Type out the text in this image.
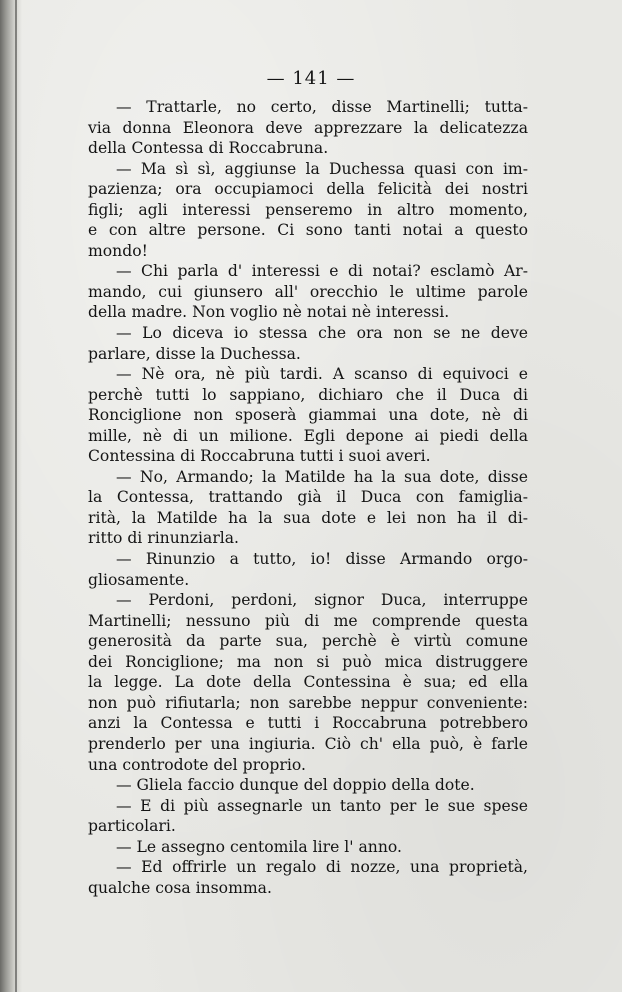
— 141 —
— Trattarle, no certo, disse Martinelli; tutta-
via donna Eleonora deve apprezzare la delicatezza
della Contessa di Roccabruna.
— Ma sì sì, aggiunse la Duchessa quasi con im-
pazienza; ora occupiamoci della felicità dei nostri
figli; agli interessi penseremo in altro momento,
e con altre persone. Ci sono tanti notai a questo
mondo!
— Chi parla d' interessi e di notai? esclamò Ar-
mando, cui giunsero all' orecchio le ultime parole
della madre. Non voglio nè notai nè interessi.
— Lo diceva io stessa che ora non se ne deve
parlare, disse la Duchessa.
— Nè ora, nè più tardi. A scanso di equivoci e
perchè tutti lo sappiano, dichiaro che il Duca di
Ronciglione non sposerà giammai una dote, nè di
mille, nè di un milione. Egli depone ai piedi della
Contessina di Roccabruna tutti i suoi averi.
— No, Armando; la Matilde ha la sua dote, disse
la Contessa, trattando già il Duca con famiglia-
rità, la Matilde ha la sua dote e lei non ha il di-
ritto di rinunziarla.
— Rinunzio a tutto, io! disse Armando orgo-
gliosamente.
— Perdoni, perdoni, signor Duca, interruppe
Martinelli; nessuno più di me comprende questa
generosità da parte sua, perchè è virtù comune
dei Ronciglione; ma non si può mica distruggere
la legge. La dote della Contessina è sua; ed ella
non può rifiutarla; non sarebbe neppur conveniente:
anzi la Contessa e tutti i Roccabruna potrebbero
prenderlo per una ingiuria. Ciò ch' ella può, è farle
una controdote del proprio.
— Gliela faccio dunque del doppio della dote.
— E di più assegnarle un tanto per le sue spese
particolari.
— Le assegno centomila lire l' anno.
— Ed offrirle un regalo di nozze, una proprietà,
qualche cosa insomma.
